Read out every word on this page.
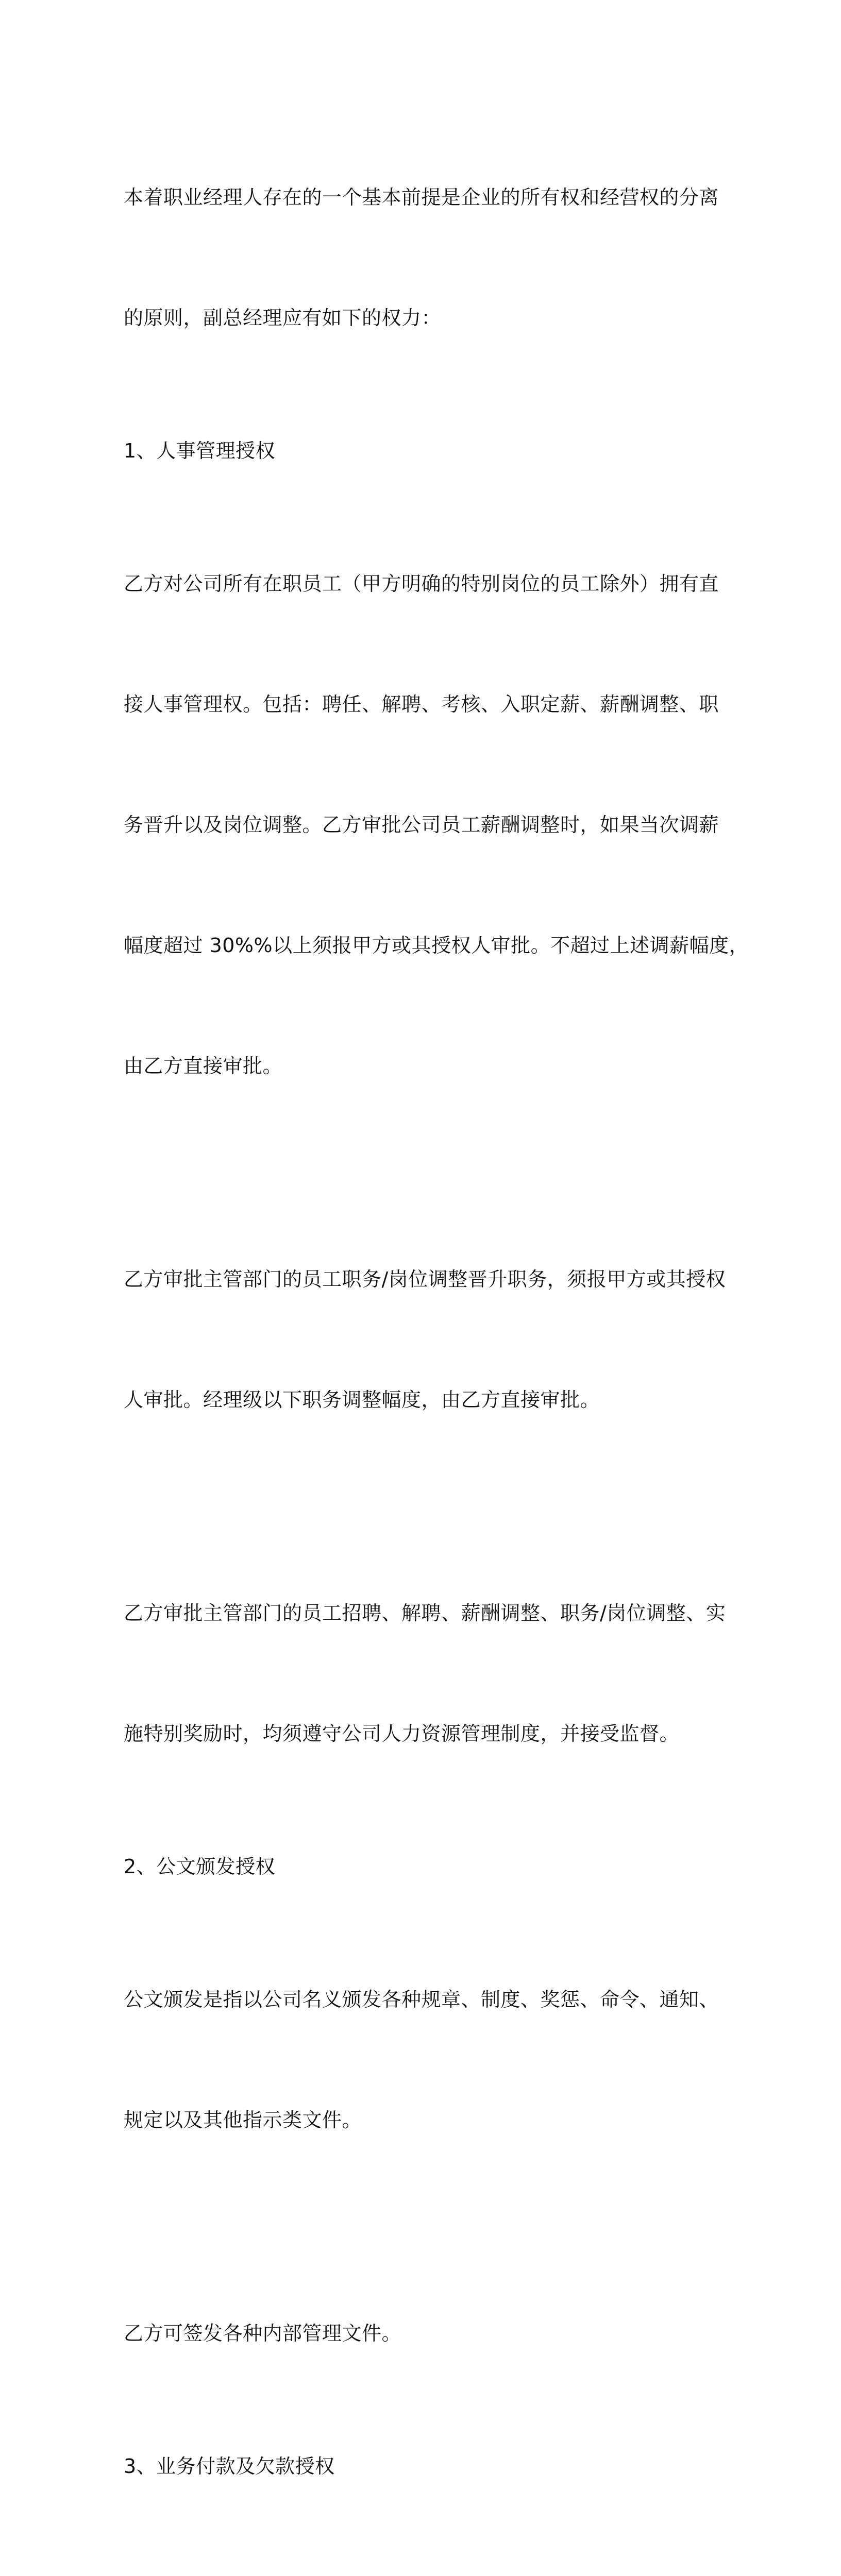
本着职业经理人存在的一个基本前提是企业的所有权和经营权的分离

的原则，副总经理应有如下的权力：

1、人事管理授权

乙方对公司所有在职员工（甲方明确的特别岗位的员工除外）拥有直

接人事管理权。包括：聘任、解聘、考核、入职定薪、薪酬调整、职

务晋升以及岗位调整。乙方审批公司员工薪酬调整时，如果当次调薪

幅度超过 30%%以上须报甲方或其授权人审批。不超过上述调薪幅度，

由乙方直接审批。

乙方审批主管部门的员工职务/岗位调整晋升职务，须报甲方或其授权

人审批。经理级以下职务调整幅度，由乙方直接审批。

乙方审批主管部门的员工招聘、解聘、薪酬调整、职务/岗位调整、实

施特别奖励时，均须遵守公司人力资源管理制度，并接受监督。

2、公文颁发授权

公文颁发是指以公司名义颁发各种规章、制度、奖惩、命令、通知、

规定以及其他指示类文件。

乙方可签发各种内部管理文件。

3、业务付款及欠款授权
